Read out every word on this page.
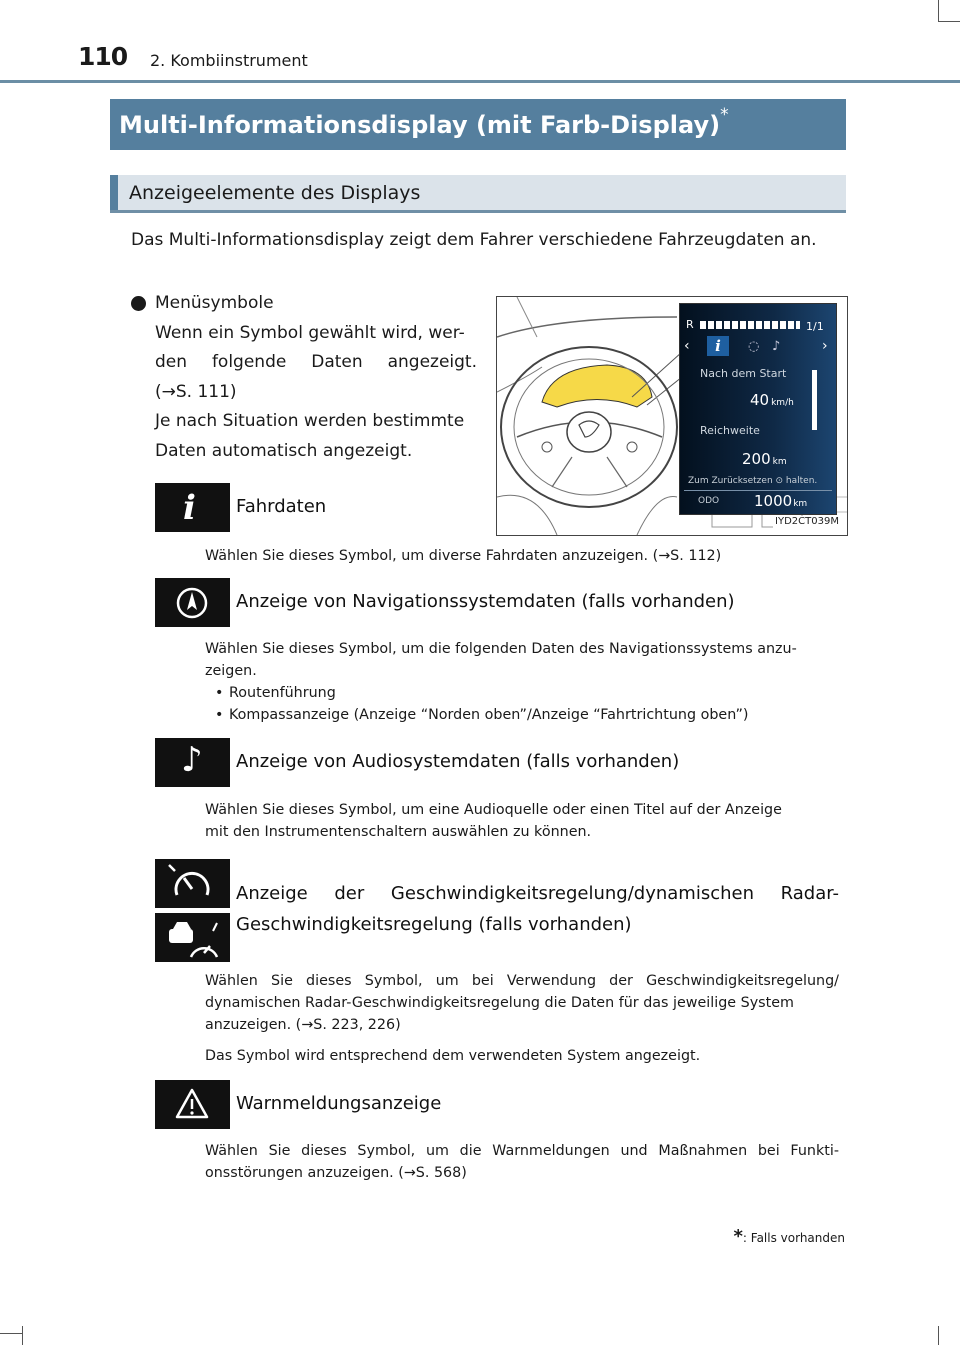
110 2. Kombiinstrument
Multi-Informationsdisplay (mit Farb-Display)*
Anzeigeelemente des Displays
Das Multi-Informationsdisplay zeigt dem Fahrer verschiedene Fahrzeugdaten an.
Menüsymbole
Wenn ein Symbol gewählt wird, wer-
den folgende Daten angezeigt.
(→S. 111)
Je nach Situation werden bestimmte
Daten automatisch angezeigt.
R	1/1
‹	i	◌ ♪	›
Nach dem Start
40 km/h
Reichweite
200 km
Zum Zurücksetzen ⊙ halten.
ODO 1000km
IYD2CT039M
i Fahrdaten
Wählen Sie dieses Symbol, um diverse Fahrdaten anzuzeigen. (→S. 112)
Anzeige von Navigationssystemdaten (falls vorhanden)
Wählen Sie dieses Symbol, um die folgenden Daten des Navigationssystems anzu-
zeigen.
• Routenführung
• Kompassanzeige (Anzeige “Norden oben”/Anzeige “Fahrtrichtung oben”)
♪ Anzeige von Audiosystemdaten (falls vorhanden)
Wählen Sie dieses Symbol, um eine Audioquelle oder einen Titel auf der Anzeige
mit den Instrumentenschaltern auswählen zu können.
Anzeige der Geschwindigkeitsregelung/dynamischen Radar-
Geschwindigkeitsregelung (falls vorhanden)
Wählen Sie dieses Symbol, um bei Verwendung der Geschwindigkeitsregelung/
dynamischen Radar-Geschwindigkeitsregelung die Daten für das jeweilige System
anzuzeigen. (→S. 223, 226)
Das Symbol wird entsprechend dem verwendeten System angezeigt.
Warnmeldungsanzeige
Wählen Sie dieses Symbol, um die Warnmeldungen und Maßnahmen bei Funkti-
onsstörungen anzuzeigen. (→S. 568)
*: Falls vorhanden
